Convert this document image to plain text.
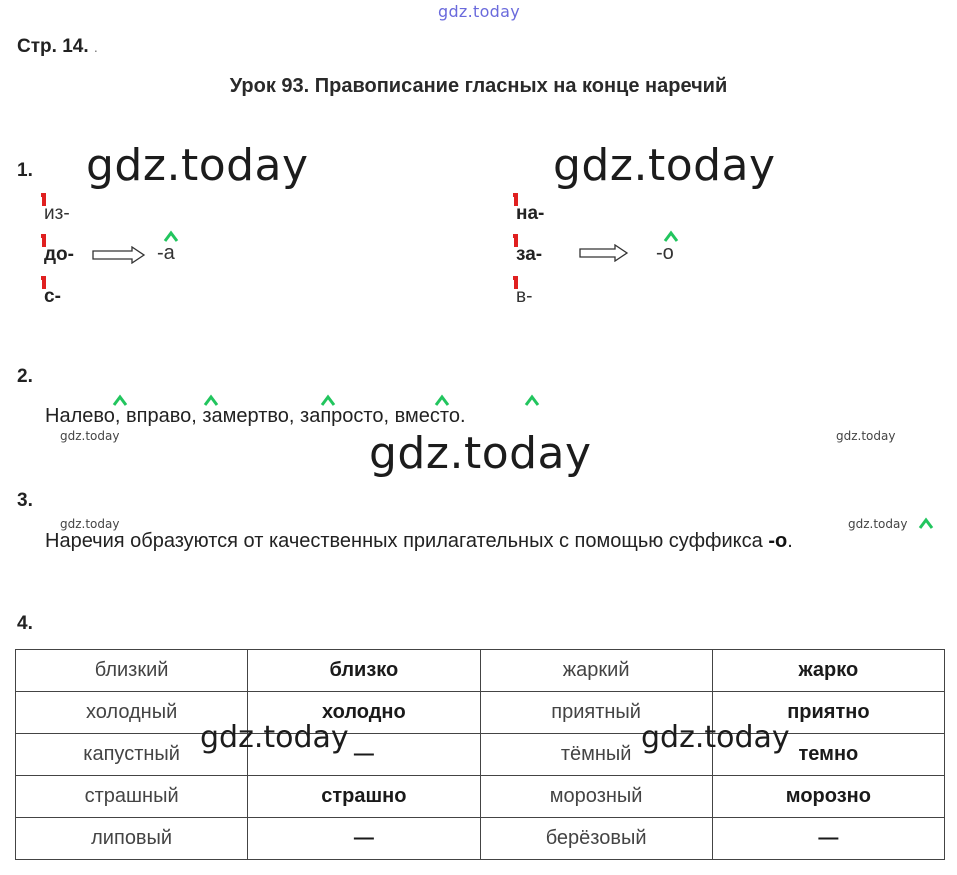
gdz.today
Стр. 14. .
Урок 93. Правописание гласных на конце наречий
1. gdz.today	gdz.today
из-
до-
с-
-а
на-
за-
в-
-о
2.
Налево, вправо, замертво, запросто, вместо.
gdz.today	gdz.today
gdz.today
3.
gdz.today	gdz.today
Наречия образуются от качественных прилагательных с помощью суффикса -о.
4.
близкий	близко	жаркий	жарко
холодный	холодно	приятный	приятно
капустный	—	тёмный	темно
страшный	страшно	морозный	морозно
липовый	—	берёзовый	—
gdz.today	gdz.today
